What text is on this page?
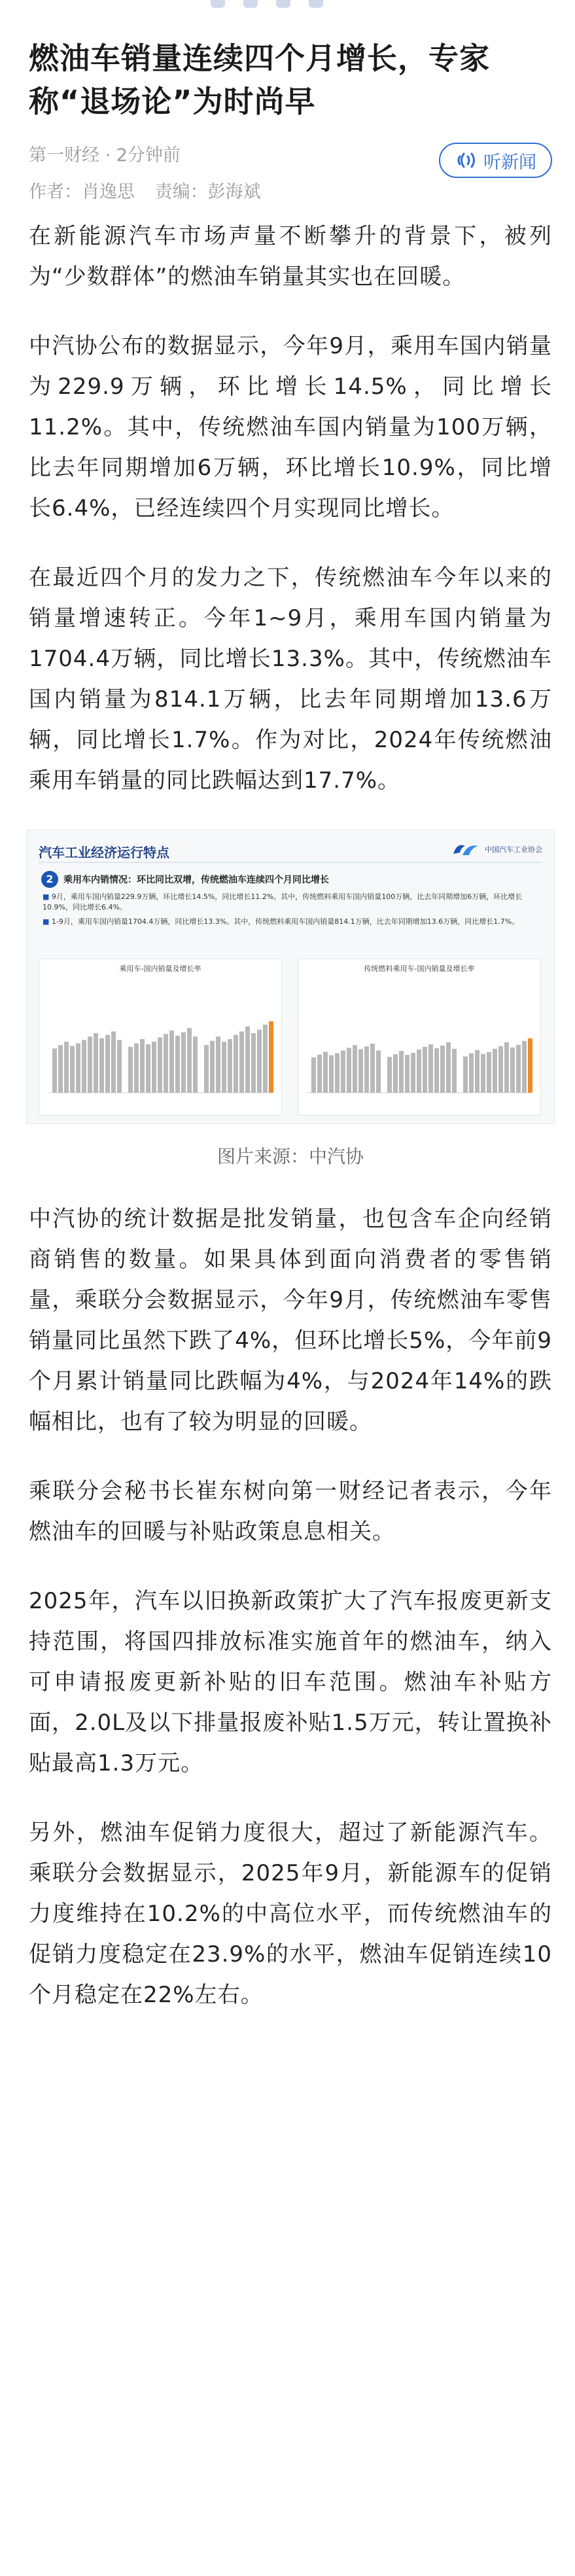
燃油车销量连续四个月增长，专家称“退场论”为时尚早
第一财经 · 2分钟前	听新闻
作者：肖逸思 责编：彭海斌

在新能源汽车市场声量不断攀升的背景下，被列为“少数群体”的燃油车销量其实也在回暖。

中汽协公布的数据显示，今年9月，乘用车国内销量为229.9万辆，环比增长14.5%，同比增长11.2%。其中，传统燃油车国内销量为100万辆，比去年同期增加6万辆，环比增长10.9%，同比增长6.4%，已经连续四个月实现同比增长。

在最近四个月的发力之下，传统燃油车今年以来的销量增速转正。今年1~9月，乘用车国内销量为1704.4万辆，同比增长13.3%。其中，传统燃油车国内销量为814.1万辆，比去年同期增加13.6万辆，同比增长1.7%。作为对比，2024年传统燃油乘用车销量的同比跌幅达到17.7%。

汽车工业经济运行特点	中国汽车工业协会
2	乘用车内销情况：环比同比双增，传统燃油车连续四个月同比增长

■ 9月，乘用车国内销量229.9万辆，环比增长14.5%，同比增长11.2%。其中，传统燃料乘用车国内销量100万辆，比去年同期增加6万辆，环比增长10.9%，同比增长6.4%。

■ 1-9月，乘用车国内销量1704.4万辆，同比增长13.3%。其中，传统燃料乘用车国内销量814.1万辆，比去年同期增加13.6万辆，同比增长1.7%。

乘用车-国内销量及增长率	传统燃料乘用车-国内销量及增长率
图片来源：中汽协

中汽协的统计数据是批发销量，也包含车企向经销商销售的数量。如果具体到面向消费者的零售销量，乘联分会数据显示，今年9月，传统燃油车零售销量同比虽然下跌了4%，但环比增长5%，今年前9个月累计销量同比跌幅为4%，与2024年14%的跌幅相比，也有了较为明显的回暖。

乘联分会秘书长崔东树向第一财经记者表示，今年燃油车的回暖与补贴政策息息相关。

2025年，汽车以旧换新政策扩大了汽车报废更新支持范围，将国四排放标准实施首年的燃油车，纳入可申请报废更新补贴的旧车范围。燃油车补贴方面，2.0L及以下排量报废补贴1.5万元，转让置换补贴最高1.3万元。

另外，燃油车促销力度很大，超过了新能源汽车。乘联分会数据显示，2025年9月，新能源车的促销力度维持在10.2%的中高位水平，而传统燃油车的促销力度稳定在23.9%的水平，燃油车促销连续10个月稳定在22%左右。
